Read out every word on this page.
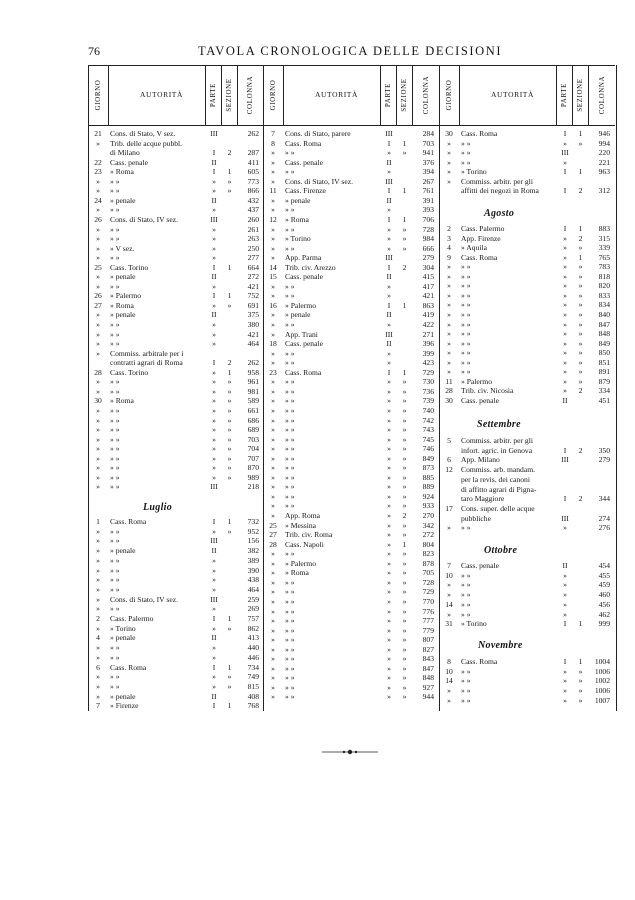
76	TAVOLA CRONOLOGICA DELLE DECISIONI
GIORNO	AUTORITÀ	PARTE SEZIONE COLONNA GIORNO	AUTORITÀ	PARTE SEZIONE COLONNA GIORNO	AUTORITÀ	PARTE SEZIONE COLONNA
21	Cons. di Stato, V sez.	III	262
»	Trib. delle acque pubbl.
di Milano	I	2	287
22	Cass. penale	II	411
23	» Roma	I	1	605
»	» »	»	»	773
»	» »	»	»	866
24	» penale	II	432
»	» »	»	437
26	Cons. di Stato, IV sez.	III	260
»	» »	»	261
»	» »	»	263
»	» V sez.	»	250
»	» »	»	277
25	Cass. Torino	I	1	664
»	» penale	II	272
»	» »	»	421
26	» Palermo	I	1	752
27	» Roma	»	»	691
»	» penale	II	375
»	» »	»	380
»	» »	»	421
»	» »	»	464
»	Commiss. arbitrale per i
contratti agrari di Roma	I	2	262
28	Cass. Torino	»	1	958
»	» »	»	»	961
»	» »	»	»	981
30	» Roma	»	»	589
»	» »	»	»	661
»	» »	»	»	686
»	» »	»	»	689
»	» »	»	»	703
»	» »	»	»	704
»	» »	»	»	707
»	» »	»	»	870
»	» »	»	»	989
»	» »	III	218
Luglio
1	Cass. Roma	I	1	732
»	» »	»	»	952
»	» »	III	156
»	» penale	II	382
»	» »	»	389
»	» »	»	390
»	» »	»	438
»	» »	»	464
»	Cons. di Stato, IV sez.	III	259
»	» »	»	269
2	Cass. Palermo	I	1	757
»	» Torino	»	»	862
4	» penale	II	413
»	» »	»	440
»	» »	»	446
6	Cass. Roma	I	1	734
»	» »	»	»	749
»	» »	»	»	815
»	» penale	II	408
7	» Firenze	I	1	768
7	Cons. di Stato, parere	III	284
8	Cass. Roma	I	1	703
»	» »	»	»	941
»	Cass. penale	II	376
»	» »	»	394
»	Cons. di Stato, IV sez.	III	267
11	Cass. Firenze	I	1	761
»	» penale	II	391
»	» »	»	393
12	» Roma	I	1	706
»	» »	»	»	728
»	» Torino	»	»	984
»	» »	»	»	666
»	App. Parma	III	279
14	Trib. civ. Arezzo	I	2	304
15	Cass. penale	II	415
»	» »	»	417
»	» »	»	421
16	» Palermo	I	1	863
»	» penale	II	419
»	» »	»	422
»	App. Trani	III	271
18	Cass. penale	II	396
»	» »	»	399
»	» »	»	423
23	Cass. Roma	I	1	729
»	» »	»	»	730
»	» »	»	»	736
»	» »	»	»	739
»	» »	»	»	740
»	» »	»	»	742
»	» »	»	»	743
»	» »	»	»	745
»	» »	»	»	746
»	» »	»	»	849
»	» »	»	»	873
»	» »	»	»	885
»	» »	»	»	889
»	» »	»	»	924
»	» »	»	»	933
»	App. Roma	»	2	270
25	» Messina	»	»	342
27	Trib. civ. Roma	»	»	272
28	Cass. Napoli	»	1	804
»	» »	»	»	823
»	» Palermo	»	»	878
»	» Roma	»	»	705
»	» »	»	»	728
»	» »	»	»	729
»	» »	»	»	770
»	» »	»	»	776
»	» »	»	»	777
»	» »	»	»	779
»	» »	»	»	807
»	» »	»	»	827
»	» »	»	»	843
»	» »	»	»	847
»	» »	»	»	848
»	» »	»	»	927
»	» »	»	»	944
30	Cass. Roma	I	1	946
»	» »	»	»	994
»	» »	III	220
»	» »	»	221
»	» Torino	I	1	963
»	Commiss. arbitr. per gli
affitti dei negozi in Roma	I	2	312
Agosto
2	Cass. Palermo	I	1	883
3	App. Firenze	»	2	315
4	» Aquila	»	»	339
9	Cass. Roma	»	1	765
»	» »	»	»	783
»	» »	»	»	818
»	» »	»	»	820
»	» »	»	»	833
»	» »	»	»	834
»	» »	»	»	840
»	» »	»	»	847
»	» »	»	»	848
»	» »	»	»	849
»	» »	»	»	850
»	» »	»	»	851
»	» »	»	»	891
11	» Palermo	»	»	879
28	Trib. civ. Nicosia	»	2	334
30	Cass. penale	II	451
Settembre
5	Commiss. arbitr. per gli
infort. agric. in Genova	I	2	350
6	App. Milano	III	279
12	Commiss. arb. mandam.
per la revis. dei canoni
di affitto agrari di Pigna-
taro Maggiore	I	2	344
17	Cons. super. delle acque
pubbliche	III	274
»	» »	»	276
Ottobre
7	Cass. penale	II	454
10	» »	»	455
»	» »	»	459
»	» »	»	460
14	» »	»	456
»	» »	»	462
31	» Torino	I	1	999
Novembre
8	Cass. Roma	I	1	1004
10	» »	»	»	1006
14	» »	»	»	1002
»	» »	»	»	1006
»	» »	»	»	1007
